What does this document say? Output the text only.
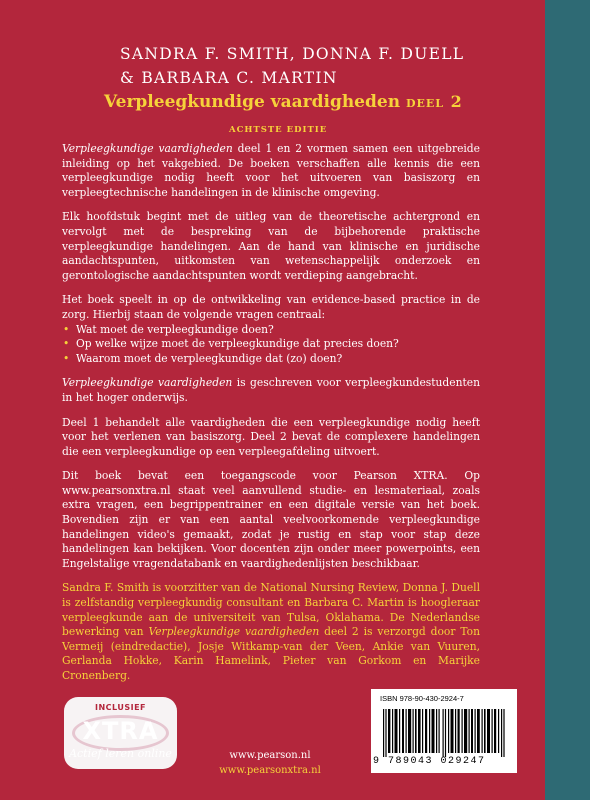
SANDRA F. SMITH, DONNA F. DUELL
& BARBARA C. MARTIN
Verpleegkundige vaardigheden deel 2
ACHTSTE EDITIE

Verpleegkundige vaardigheden deel 1 en 2 vormen samen een uitgebreide inleiding op het vakgebied. De boeken verschaffen alle kennis die een verpleegkundige nodig heeft voor het uitvoeren van basiszorg en verpleegtechnische handelingen in de klinische omgeving.

Elk hoofdstuk begint met de uitleg van de theoretische achtergrond en vervolgt met de bespreking van de bijbehorende praktische verpleegkundige handelingen. Aan de hand van klinische en juridische aandachtspunten, uitkomsten van wetenschappelijk onderzoek en gerontologische aandachtspunten wordt verdieping aangebracht.

Het boek speelt in op de ontwikkeling van evidence-based practice in de zorg. Hierbij staan de volgende vragen centraal:

• Wat moet de verpleegkundige doen?
• Op welke wijze moet de verpleegkundige dat precies doen?
• Waarom moet de verpleegkundige dat (zo) doen?

Verpleegkundige vaardigheden is geschreven voor verpleegkundestudenten in het hoger onderwijs.

Deel 1 behandelt alle vaardigheden die een verpleegkundige nodig heeft voor het verlenen van basiszorg. Deel 2 bevat de complexere handelingen die een verpleegkundige op een verpleegafdeling uitvoert.

Dit boek bevat een toegangscode voor Pearson XTRA. Op www.pearsonxtra.nl staat veel aanvullend studie- en lesmateriaal, zoals extra vragen, een begrippentrainer en een digitale versie van het boek. Bovendien zijn er van een aantal veelvoorkomende verpleegkundige handelingen video's gemaakt, zodat je rustig en stap voor stap deze handelingen kan bekijken. Voor docenten zijn onder meer powerpoints, een Engelstalige vragendatabank en vaardighedenlijsten beschikbaar.

Sandra F. Smith is voorzitter van de National Nursing Review, Donna J. Duell is zelfstandig verpleegkundig consultant en Barbara C. Martin is hoogleraar verpleegkunde aan de universiteit van Tulsa, Oklahama. De Nederlandse bewerking van Verpleegkundige vaardigheden deel 2 is verzorgd door Ton Vermeij (eindredactie), Josje Witkamp-van der Veen, Ankie van Vuuren, Gerlanda Hokke, Karin Hamelink, Pieter van Gorkom en Marijke Cronenberg.

INCLUSIEF
XTRA
Actief leren online	www.pearson.nl
www.pearsonxtra.nl
ISBN 978-90-430-2924-7
9 789043 029247
